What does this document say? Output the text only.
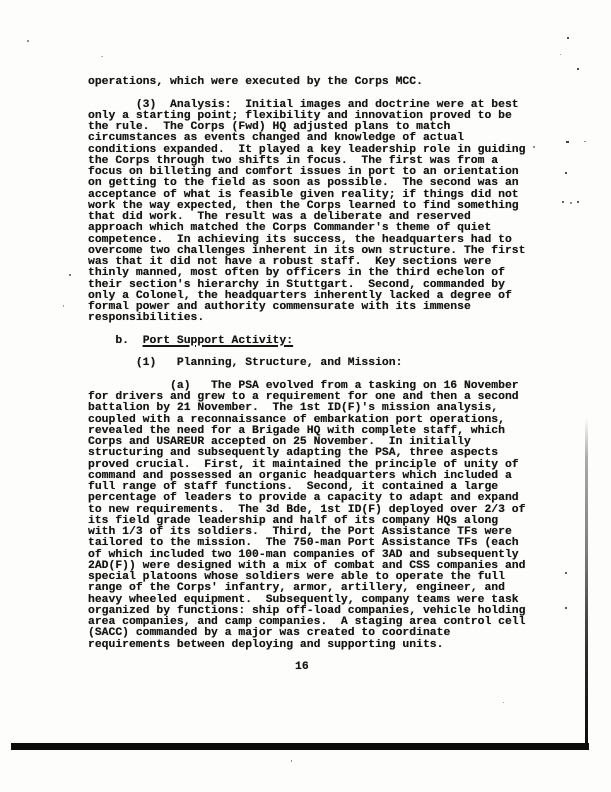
operations, which were executed by the Corps MCC.
(3)  Analysis:  Initial images and doctrine were at best
only a starting point; flexibility and innovation proved to be
the rule.  The Corps (Fwd) HQ adjusted plans to match
circumstances as events changed and knowledge of actual
conditions expanded.  It played a key leadership role in guiding
the Corps through two shifts in focus.  The first was from a
focus on billeting and comfort issues in port to an orientation
on getting to the field as soon as possible.  The second was an
acceptance of what is feasible given reality; if things did not
work the way expected, then the Corps learned to find something
that did work.  The result was a deliberate and reserved
approach which matched the Corps Commander's theme of quiet
competence.  In achieving its success, the headquarters had to
overcome two challenges inherent in its own structure. The first
was that it did not have a robust staff.  Key sections were
thinly manned, most often by officers in the third echelon of
their section's hierarchy in Stuttgart.  Second, commanded by
only a Colonel, the headquarters inherently lacked a degree of
formal power and authority commensurate with its immense
responsibilities.
b.  Port Support Activity:
(1)   Planning, Structure, and Mission:
(a)   The PSA evolved from a tasking on 16 November
for drivers and grew to a requirement for one and then a second
battalion by 21 November.  The 1st ID(F)'s mission analysis,
coupled with a reconnaissance of embarkation port operations,
revealed the need for a Brigade HQ with complete staff, which
Corps and USAREUR accepted on 25 November.  In initially
structuring and subsequently adapting the PSA, three aspects
proved crucial.  First, it maintained the principle of unity of
command and possessed an organic headquarters which included a
full range of staff functions.  Second, it contained a large
percentage of leaders to provide a capacity to adapt and expand
to new requirements.  The 3d Bde, 1st ID(F) deployed over 2/3 of
its field grade leadership and half of its company HQs along
with 1/3 of its soldiers.  Third, the Port Assistance TFs were
tailored to the mission.  The 750-man Port Assistance TFs (each
of which included two 100-man companies of 3AD and subsequently
2AD(F)) were designed with a mix of combat and CSS companies and
special platoons whose soldiers were able to operate the full
range of the Corps' infantry, armor, artillery, engineer, and
heavy wheeled equipment.  Subsequently, company teams were task
organized by functions: ship off-load companies, vehicle holding
area companies, and camp companies.  A staging area control cell
(SACC) commanded by a major was created to coordinate
requirements between deploying and supporting units.
16
